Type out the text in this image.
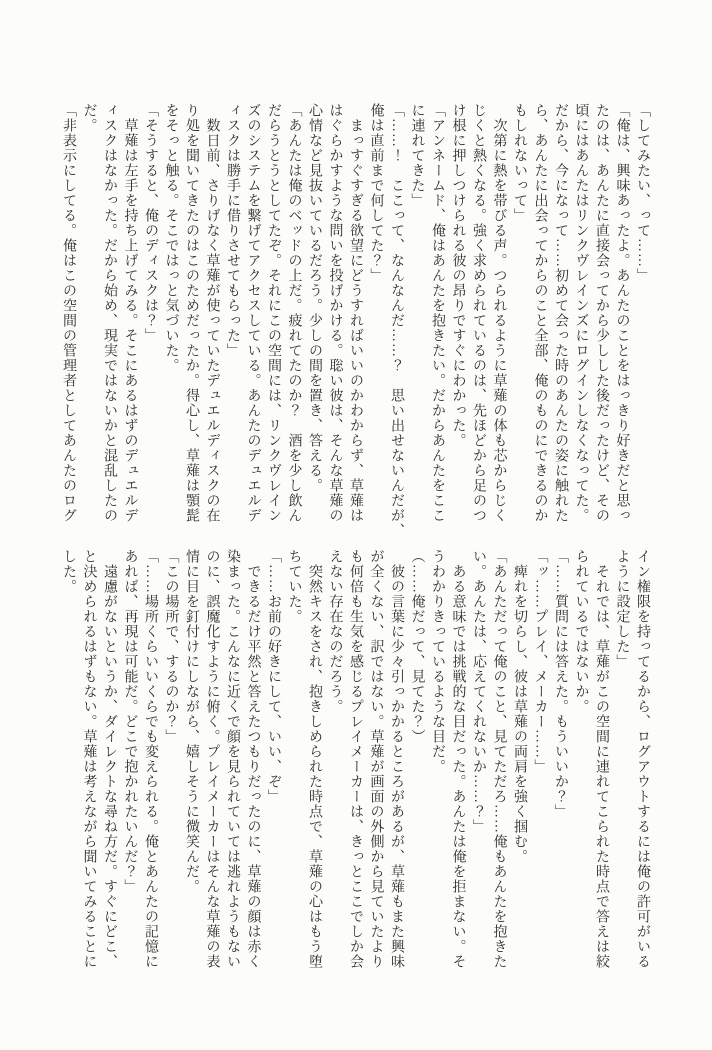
「してみたい、って……」
「俺は、興味あったよ。あんたのことをはっきり好きだと思っ
たのは、あんたに直接会ってから少しした後だったけど、その
頃にはあんたはリンクヴレインズにログインしなくなってた。
だから、今になって……初めて会った時のあんたの姿に触れた
ら、あんたに出会ってからのこと全部、俺のものにできるのか
もしれないって」
　次第に熱を帯びる声。つられるように草薙の体も芯からじく
じくと熱くなる。強く求められているのは、先ほどから足のつ
け根に押しつけられる彼の昂りですぐにわかった。
「アンネームド、俺はあんたを抱きたい。だからあんたをここ
に連れてきた」
「……！　ここって、なんなんだ……？　思い出せないんだが、
俺は直前まで何してた？」
　まっすぐすぎる欲望にどうすればいいのかわからず、草薙は
はぐらかすような問いを投げかける。聡い彼は、そんな草薙の
心情など見抜いているだろう。少しの間を置き、答える。
「あんたは俺のベッドの上だ。疲れてたのか？　酒を少し飲ん
だらうとうとしてたぞ。それにこの空間には、リンクヴレイン
ズのシステムを繋げてアクセスしている。あんたのデュエルデ
ィスクは勝手に借りさせてもらった」
　数日前、さりげなく草薙が使っていたデュエルディスクの在
り処を聞いてきたのはこのためだったか。得心し、草薙は顎髭
をそっと触る。そこではっと気づいた。
「そうすると、俺のディスクは？」
　草薙は左手を持ち上げてみる。そこにあるはずのデュエルデ
ィスクはなかった。だから始め、現実ではないかと混乱したの
だ。
「非表示にしてる。俺はこの空間の管理者としてあんたのログ
イン権限を持ってるから、ログアウトするには俺の許可がいる
ように設定した」
　それでは、草薙がこの空間に連れてこられた時点で答えは絞
られているではないか。
「……質問には答えた。もういいか？」
「ッ……プレイ、メーカー……」
　痺れを切らし、彼は草薙の両肩を強く掴む。
「あんただって俺のこと、見てただろ……俺もあんたを抱きた
い。あんたは、応えてくれないか……？」
　ある意味では挑戦的な目だった。あんたは俺を拒まない。そ
うわかりきっているような目だ。
（……俺だって、見てた？）
　彼の言葉に少々引っかかるところがあるが、草薙もまた興味
が全くない、訳ではない。草薙が画面の外側から見ていたより
も何倍も生気を感じるプレイメーカーは、きっとここでしか会
えない存在なのだろう。
　突然キスをされ、抱きしめられた時点で、草薙の心はもう堕
ちていた。
「……お前の好きにして、いい、ぞ」
　できるだけ平然と答えたつもりだったのに、草薙の顔は赤く
染まった。こんなに近くで顔を見られていては逃れようもない
のに、誤魔化すように俯く。プレイメーカーはそんな草薙の表
情に目を釘付けにしながら、嬉しそうに微笑んだ。
「この場所で、するのか？」
「……場所くらいいくらでも変えられる。俺とあんたの記憶に
あれば、再現は可能だ。どこで抱かれたいんだ？」
　遠慮がないというか、ダイレクトな尋ね方だ。すぐにどこ、
と決められるはずもない。草薙は考えながら聞いてみることに
した。
